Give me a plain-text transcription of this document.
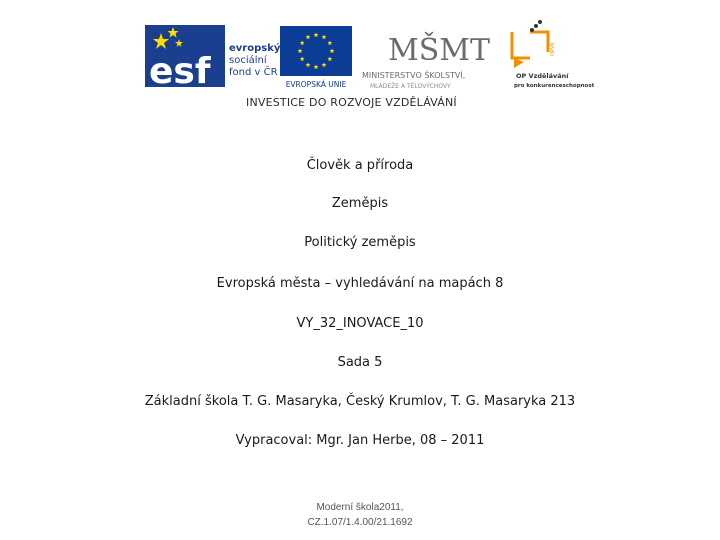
esf
evropský
sociální
fond v ČR
EVROPSKÁ UNIE
MŠMT
MINISTERSTVO ŠKOLSTVÍ,
MLÁDEŽE A TĚLOVÝCHOVY
OPVK
OP Vzdělávání
pro konkurenceschopnost
INVESTICE DO ROZVOJE VZDĚLÁVÁNÍ
Člověk a příroda
Zeměpis
Politický zeměpis
Evropská města – vyhledávání na mapách 8
VY_32_INOVACE_10
Sada 5
Základní škola T. G. Masaryka, Český Krumlov, T. G. Masaryka 213
Vypracoval: Mgr. Jan Herbe, 08 – 2011
Moderní škola2011,
CZ.1.07/1.4.00/21.1692
